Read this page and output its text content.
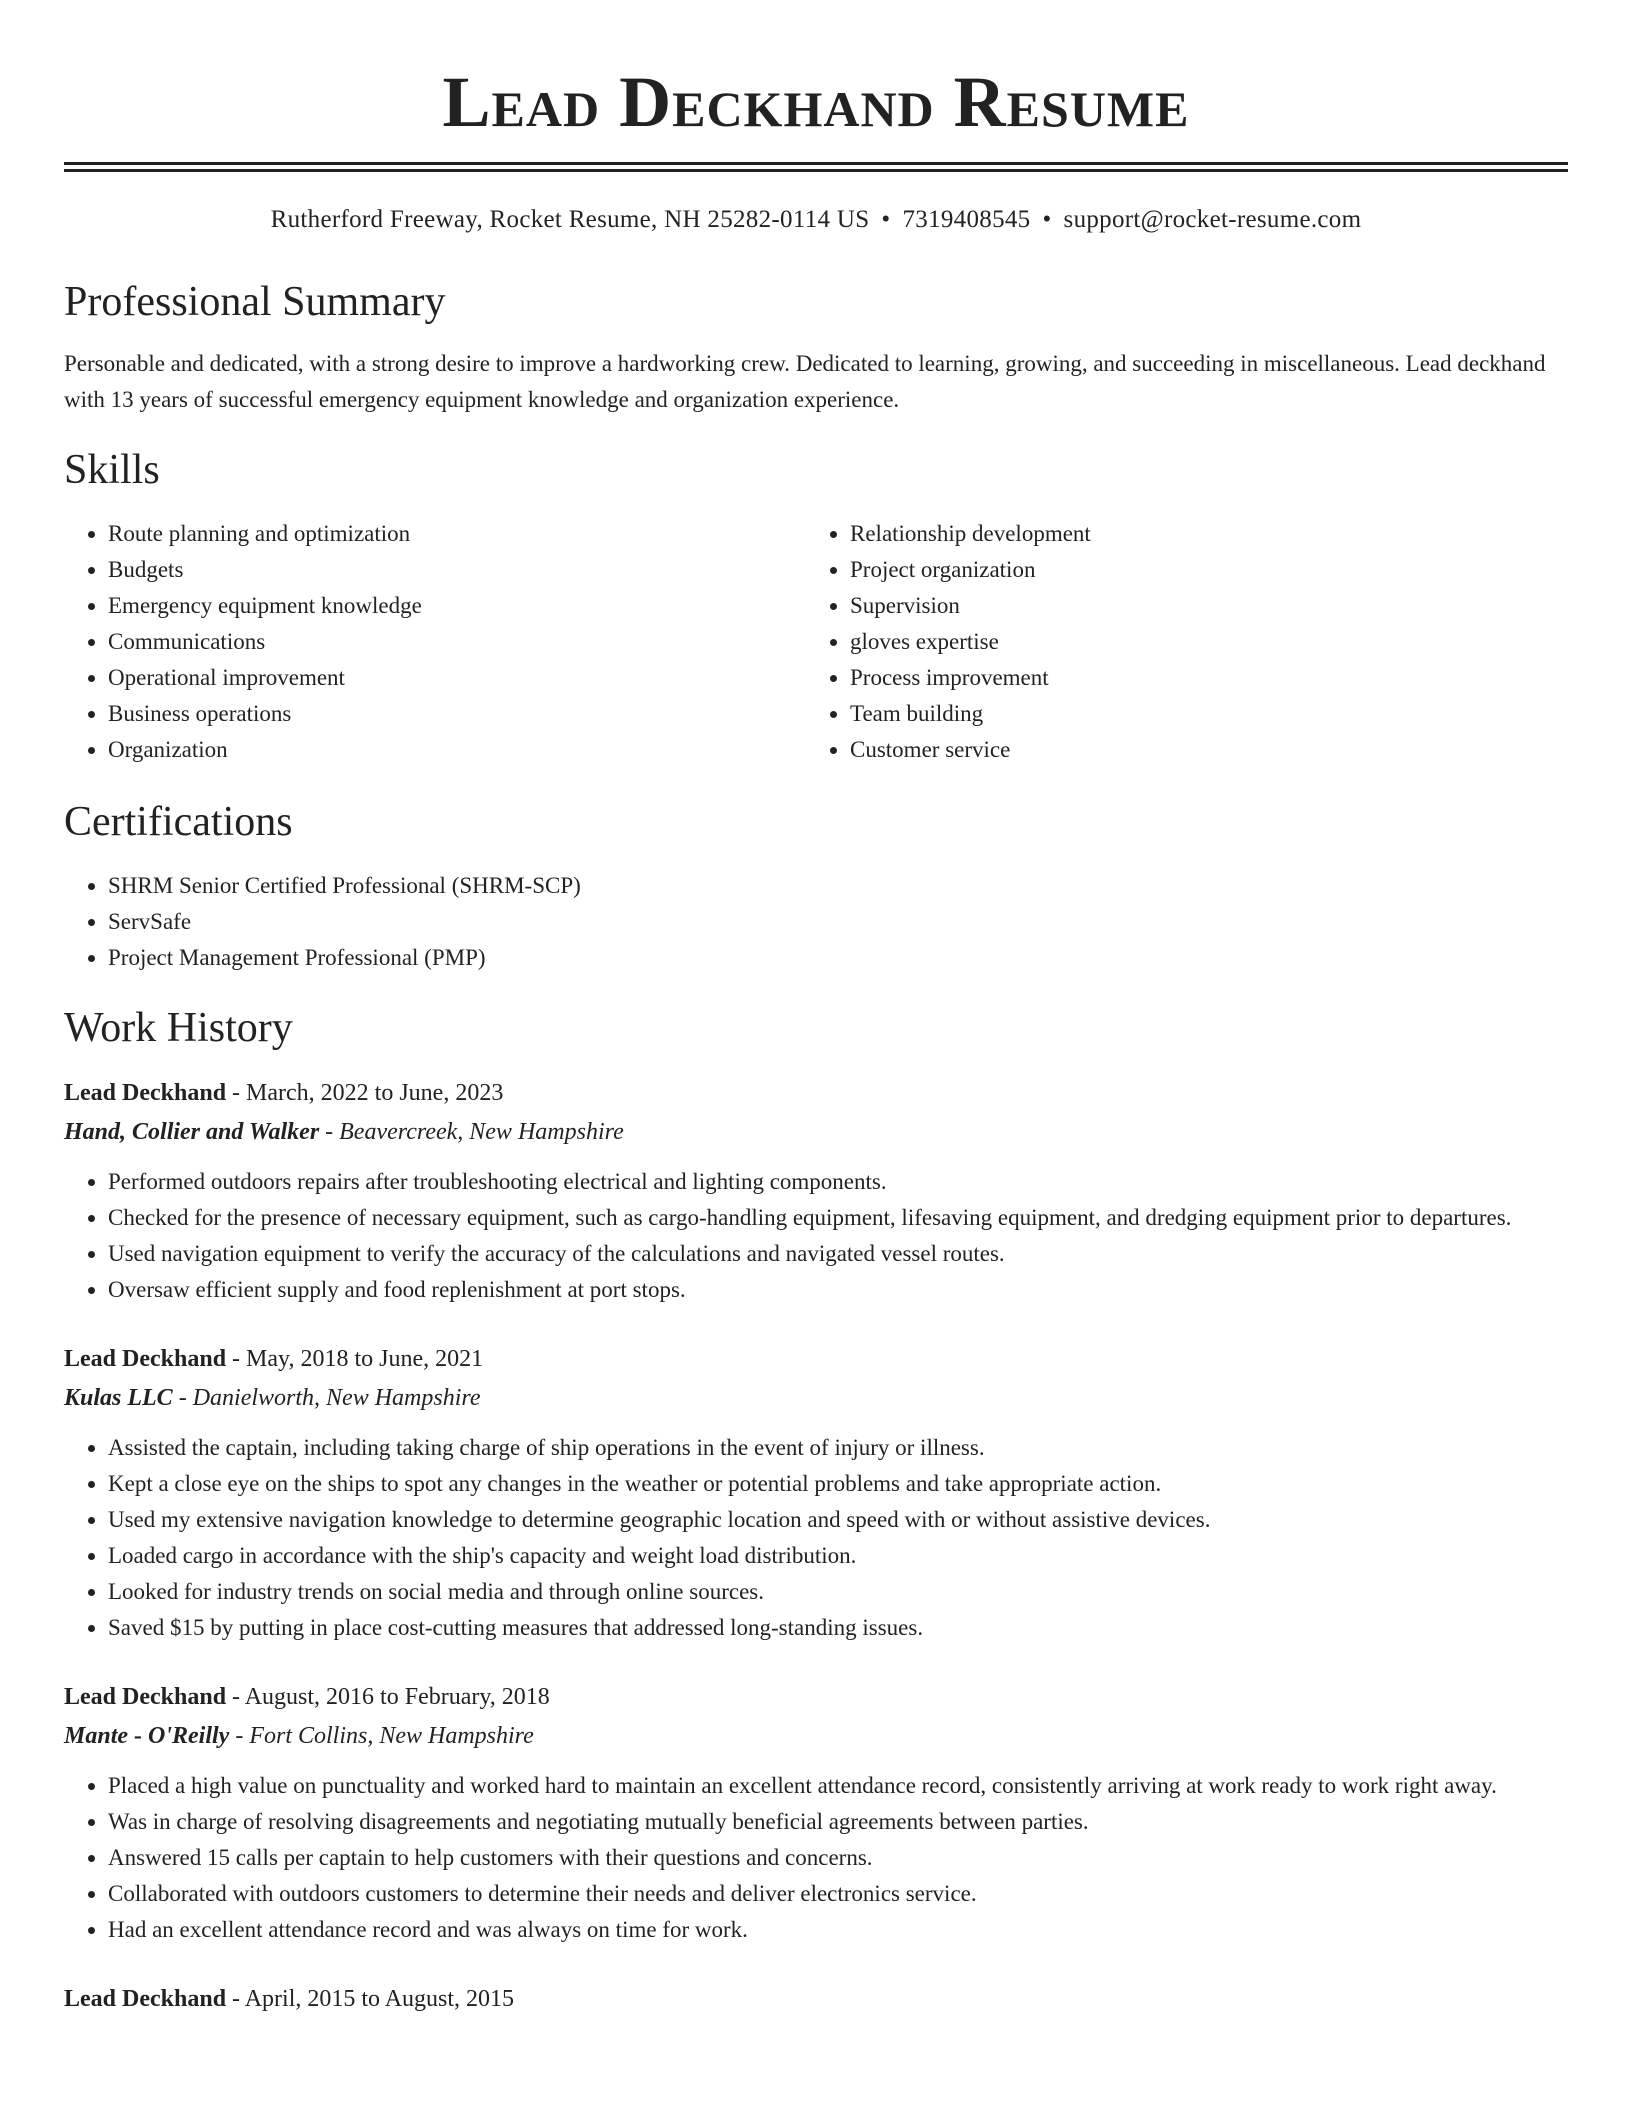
Lead Deckhand Resume
Rutherford Freeway, Rocket Resume, NH 25282-0114 US • 7319408545 • support@rocket-resume.com
Professional Summary

Personable and dedicated, with a strong desire to improve a hardworking crew. Dedicated to learning, growing, and succeeding in miscellaneous. Lead deckhand with 13 years of successful emergency equipment knowledge and organization experience.

Skills
• Route planning and optimization
• Budgets
• Emergency equipment knowledge
• Communications
• Operational improvement
• Business operations
• Organization
• Relationship development
• Project organization
• Supervision
• gloves expertise
• Process improvement
• Team building
• Customer service
Certifications
• SHRM Senior Certified Professional (SHRM-SCP)
• ServSafe
• Project Management Professional (PMP)
Work History
Lead Deckhand - March, 2022 to June, 2023
Hand, Collier and Walker - Beavercreek, New Hampshire
• Performed outdoors repairs after troubleshooting electrical and lighting components.
• Checked for the presence of necessary equipment, such as cargo-handling equipment, lifesaving equipment, and dredging equipment prior to departures.
• Used navigation equipment to verify the accuracy of the calculations and navigated vessel routes.
• Oversaw efficient supply and food replenishment at port stops.
Lead Deckhand - May, 2018 to June, 2021
Kulas LLC - Danielworth, New Hampshire
• Assisted the captain, including taking charge of ship operations in the event of injury or illness.
• Kept a close eye on the ships to spot any changes in the weather or potential problems and take appropriate action.
• Used my extensive navigation knowledge to determine geographic location and speed with or without assistive devices.
• Loaded cargo in accordance with the ship's capacity and weight load distribution.
• Looked for industry trends on social media and through online sources.
• Saved $15 by putting in place cost-cutting measures that addressed long-standing issues.
Lead Deckhand - August, 2016 to February, 2018
Mante - O'Reilly - Fort Collins, New Hampshire
• Placed a high value on punctuality and worked hard to maintain an excellent attendance record, consistently arriving at work ready to work right away.
• Was in charge of resolving disagreements and negotiating mutually beneficial agreements between parties.
• Answered 15 calls per captain to help customers with their questions and concerns.
• Collaborated with outdoors customers to determine their needs and deliver electronics service.
• Had an excellent attendance record and was always on time for work.
Lead Deckhand - April, 2015 to August, 2015
